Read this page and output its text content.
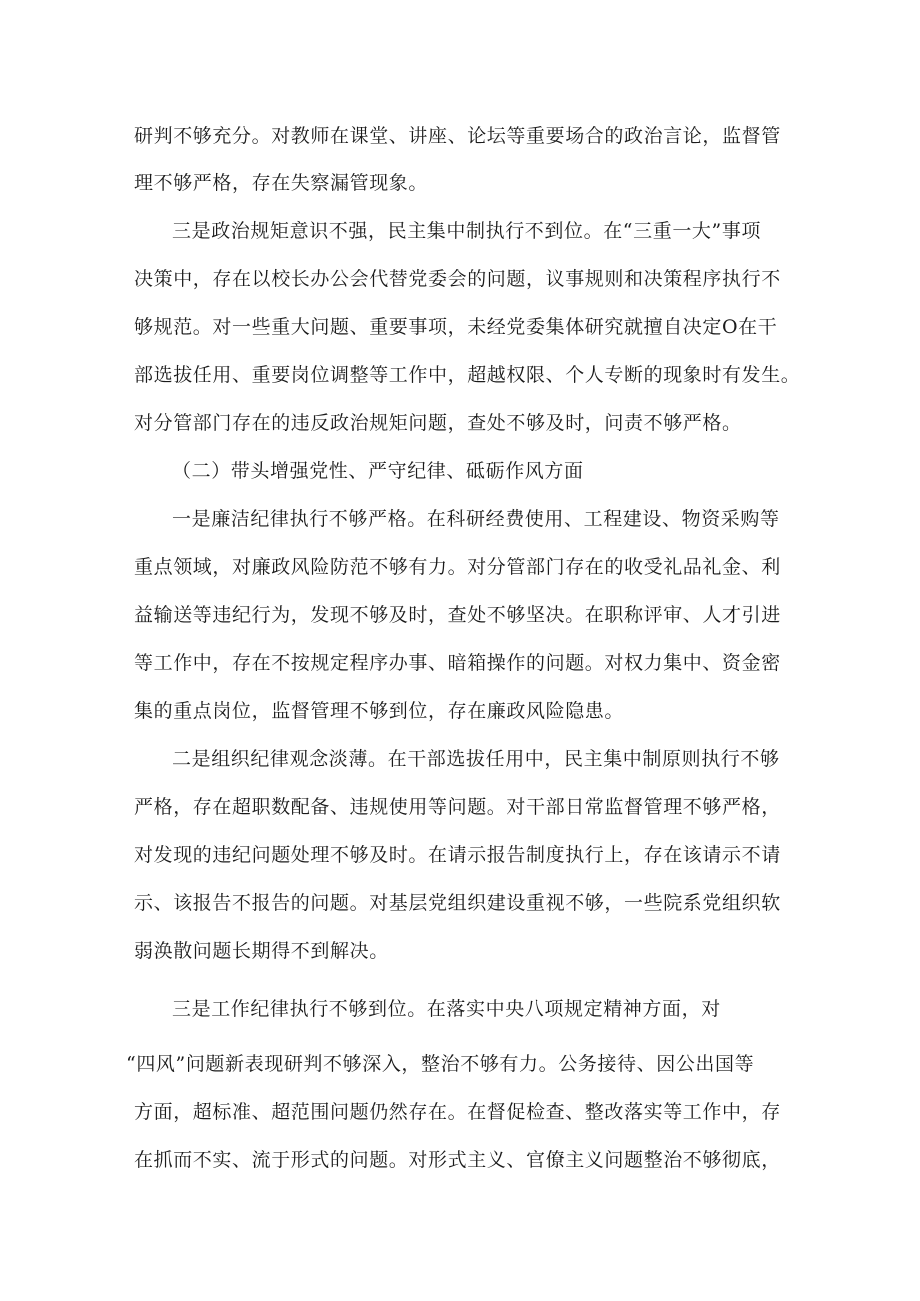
研判不够充分。对教师在课堂、讲座、论坛等重要场合的政治言论，监督管
理不够严格，存在失察漏管现象。
三是政治规矩意识不强，民主集中制执行不到位。在“三重一大”事项
决策中，存在以校长办公会代替党委会的问题，议事规则和决策程序执行不
够规范。对一些重大问题、重要事项，未经党委集体研究就擅自决定O在干
部选拔任用、重要岗位调整等工作中，超越权限、个人专断的现象时有发生。
对分管部门存在的违反政治规矩问题，查处不够及时，问责不够严格。
（二）带头增强党性、严守纪律、砥砺作风方面
一是廉洁纪律执行不够严格。在科研经费使用、工程建设、物资采购等
重点领域，对廉政风险防范不够有力。对分管部门存在的收受礼品礼金、利
益输送等违纪行为，发现不够及时，查处不够坚决。在职称评审、人才引进
等工作中，存在不按规定程序办事、暗箱操作的问题。对权力集中、资金密
集的重点岗位，监督管理不够到位，存在廉政风险隐患。
二是组织纪律观念淡薄。在干部选拔任用中，民主集中制原则执行不够
严格，存在超职数配备、违规使用等问题。对干部日常监督管理不够严格，
对发现的违纪问题处理不够及时。在请示报告制度执行上，存在该请示不请
示、该报告不报告的问题。对基层党组织建设重视不够，一些院系党组织软
弱涣散问题长期得不到解决。
三是工作纪律执行不够到位。在落实中央八项规定精神方面，对
“四风”问题新表现研判不够深入，整治不够有力。公务接待、因公出国等
方面，超标准、超范围问题仍然存在。在督促检查、整改落实等工作中，存
在抓而不实、流于形式的问题。对形式主义、官僚主义问题整治不够彻底，
